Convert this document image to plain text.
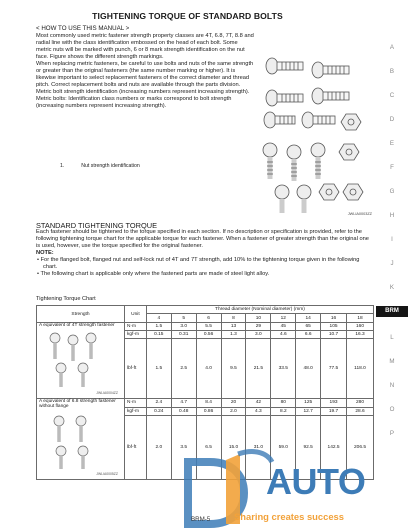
TIGHTENING TORQUE OF STANDARD BOLTS
< HOW TO USE THIS MANUAL >

Most commonly used metric fastener strength property classes are 4T, 6.8, 7T, 8.8 and radial line with the class identification embossed on the head of each bolt. Some metric nuts will be marked with punch, 6 or 8 mark strength identification on the nut face. Figure shows the different strength markings.

When replacing metric fasteners, be careful to use bolts and nuts of the same strength or greater than the original fasteners (the same number marking or higher). It is likewise important to select replacement fasteners of the correct diameter and thread pitch. Correct replacement bolts and nuts are available through the parts division.

Metric bolt strength identification (increasing numbers represent increasing strength). Metric bolts: Identification class numbers or marks correspond to bolt strength (increasing numbers represent increasing strength).

1.	Nut strength identification
JWLIA0003ZZ
A
B
C
D
E
F
G
H
I
J
K
BRM
L
M
N
O
P
STANDARD TIGHTENING TORQUE

Each fastener should be tightened to the torque specified in each section. If no description or specification is provided, refer to the following tightening torque chart for the applicable torque for each fastener. When a fastener of greater strength than the original one is used, however, use the torque specified for the original fastener.

NOTE:

• For the flanged bolt, flanged nut and self-lock nut of 4T and 7T strength, add 10% to the tightening torque given in the following chart.

• The following chart is applicable only where the fastened parts are made of steel light alloy.

Tightening Torque Chart
Strength	Unit	Thread diameter (Nominal diameter) (mm)								
		4	5	6	8	10	12	14	16	18

A equivalent of 4T strength fastener
JWLIA0004ZZ	N·m	1.5	3.0	5.5	13	29	45	65	105	160
	kgf-m	0.15	0.31	0.56	1.3	3.0	4.6	6.6	10.7	16.3
	lbf-ft	1.5	2.5	4.0	9.5	21.5	33.5	48.0	77.5	118.0

A equivalent of 6.8 strength fastener without flange
JWLIA0005ZZ	N·m	2.4	4.7	8.4	20	42	80	125	193	280
	kgf-m	0.24	0.48	0.86	2.0	4.3	8.2	12.7	19.7	28.6
	lbf-ft	2.0	3.5	6.5	15.0	31.0	59.0	92.5	142.5	206.5
AUTO
Sharing creates success
BRM-5
